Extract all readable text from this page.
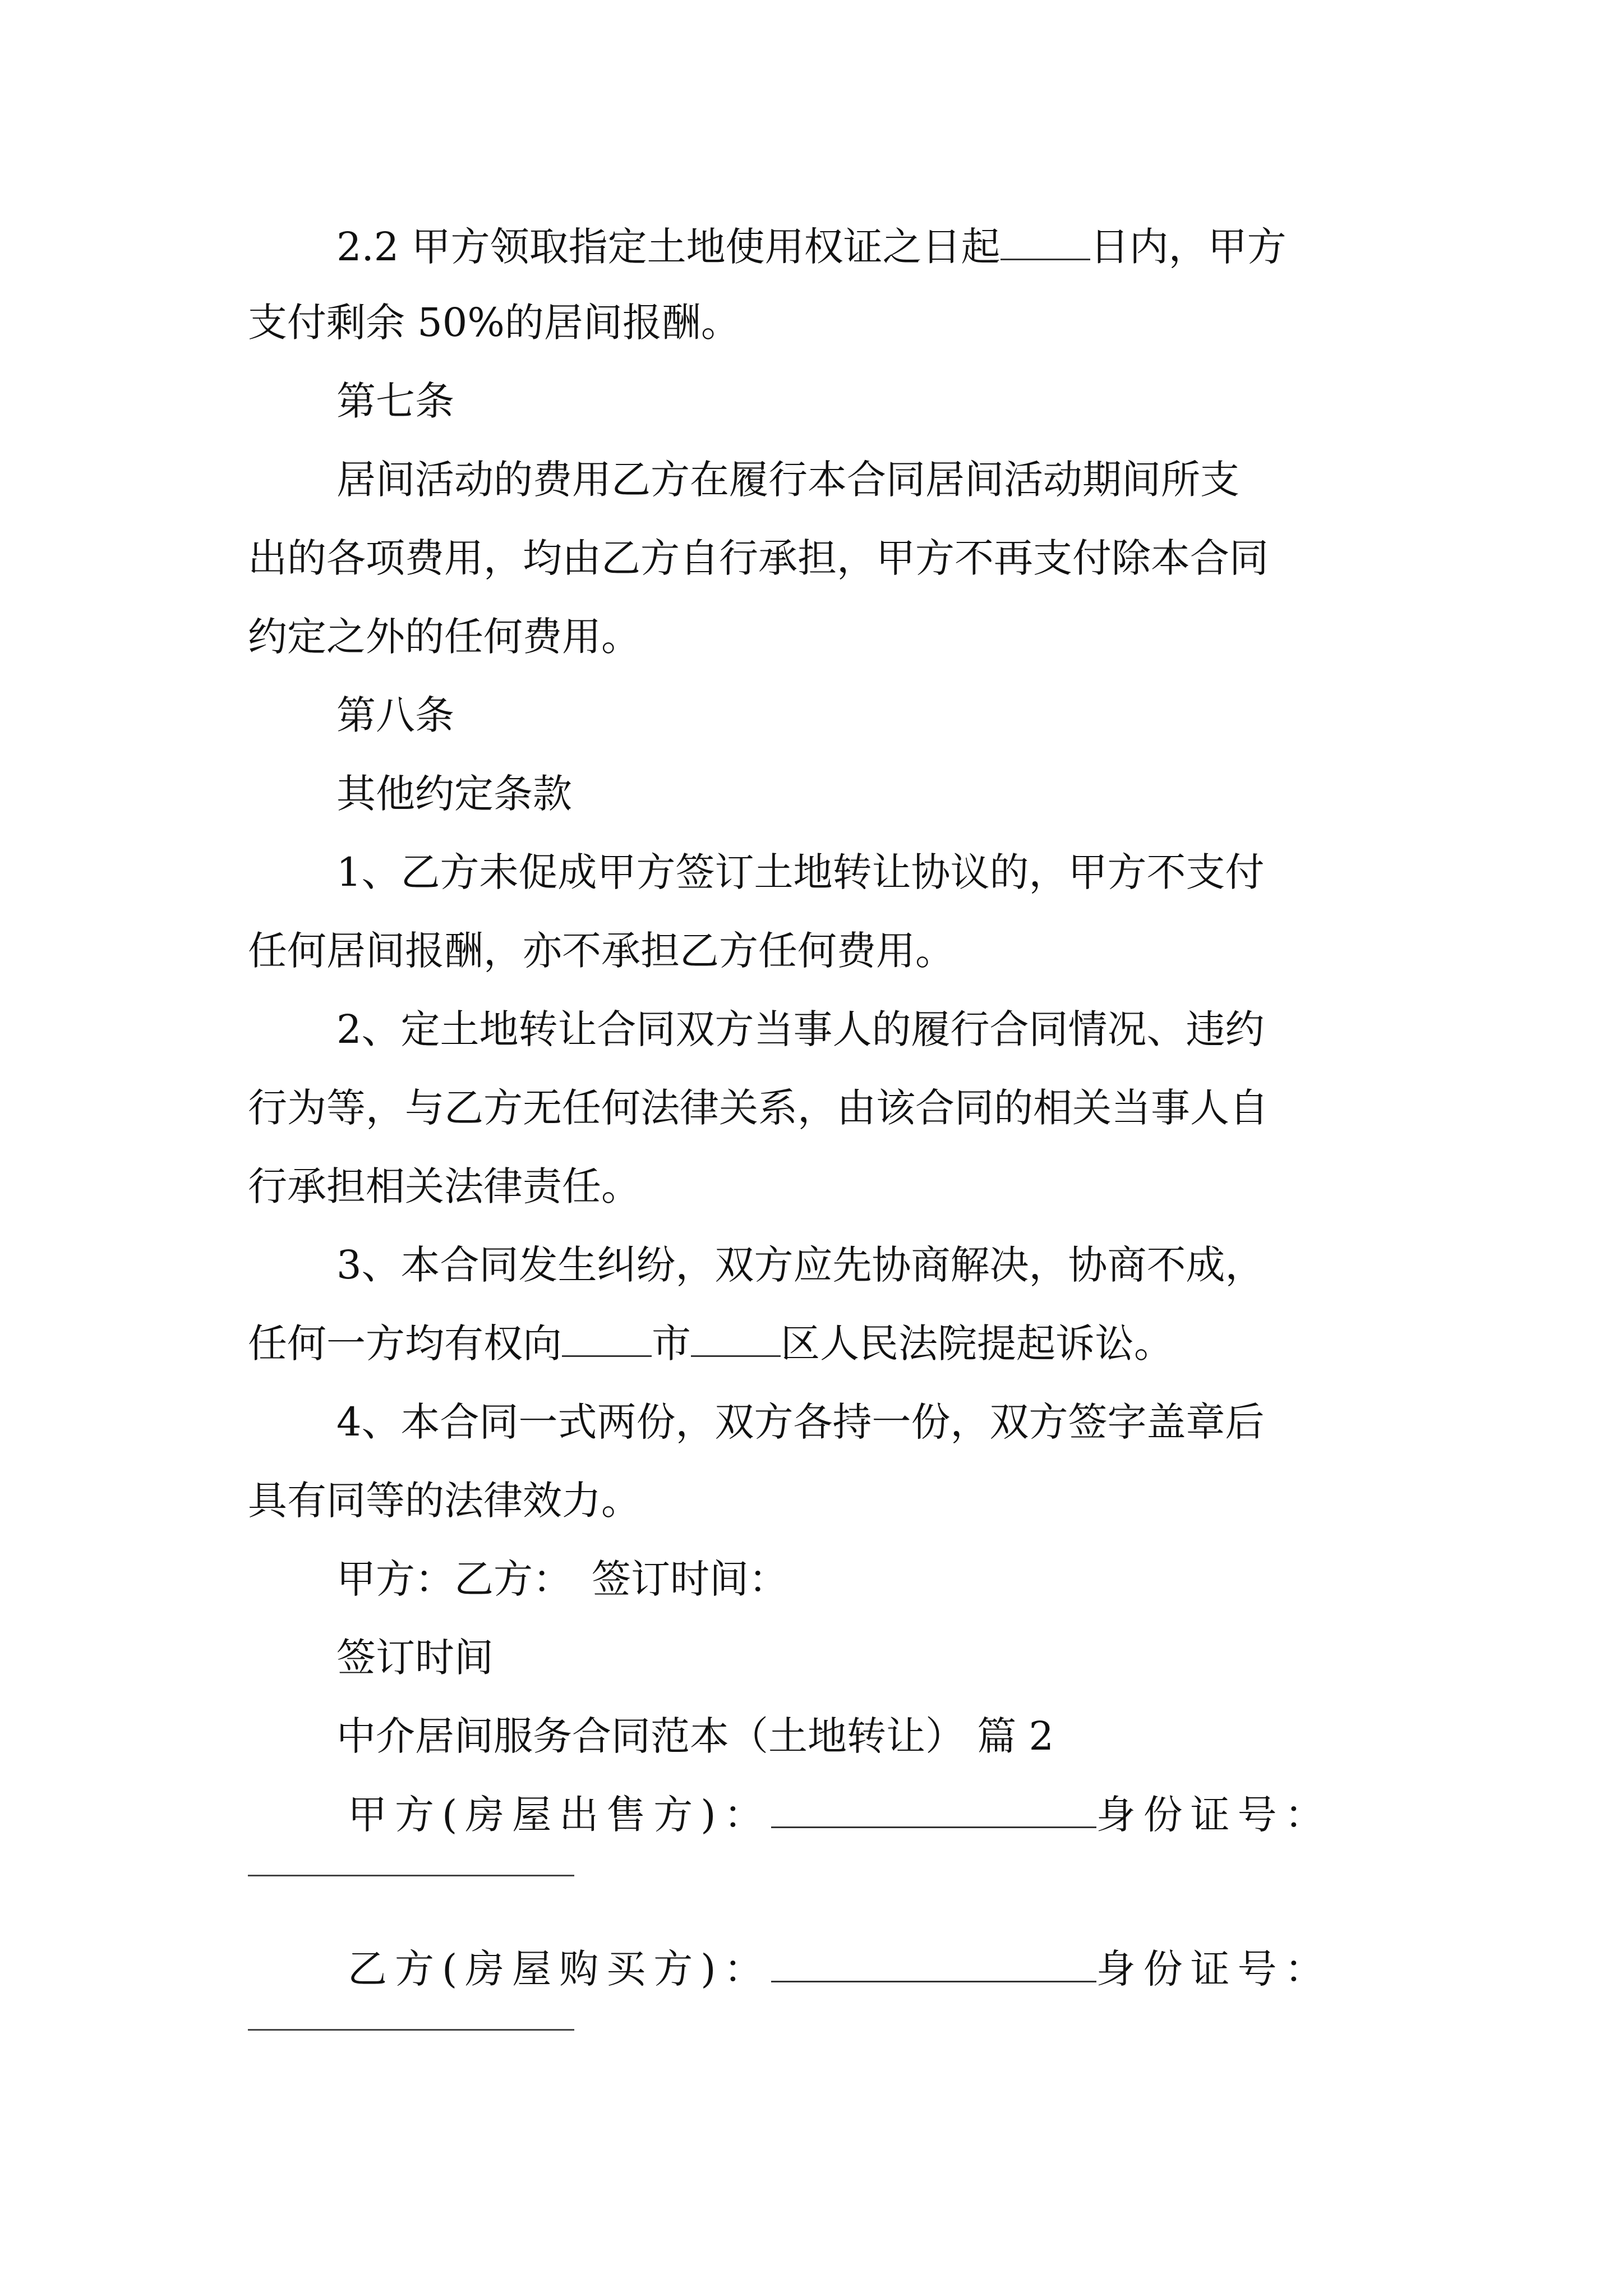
2.2 甲方领取指定土地使用权证之日起 日内，甲方
支付剩余 50%的居间报酬。
第七条
居间活动的费用乙方在履行本合同居间活动期间所支
出的各项费用，均由乙方自行承担，甲方不再支付除本合同
约定之外的任何费用。
第八条
其他约定条款
1、乙方未促成甲方签订土地转让协议的，甲方不支付
任何居间报酬，亦不承担乙方任何费用。
2、定土地转让合同双方当事人的履行合同情况、违约
行为等，与乙方无任何法律关系，由该合同的相关当事人自
行承担相关法律责任。
3、本合同发生纠纷，双方应先协商解决，协商不成，
任何一方均有权向 市 区人民法院提起诉讼。
4、本合同一式两份，双方各持一份，双方签字盖章后
具有同等的法律效力。
甲方：乙方：　签订时间：
签订时间
中介居间服务合同范本（土地转让） 篇 2
甲方(房屋出售方)：	身份证号：
乙方(房屋购买方)：	身份证号：
